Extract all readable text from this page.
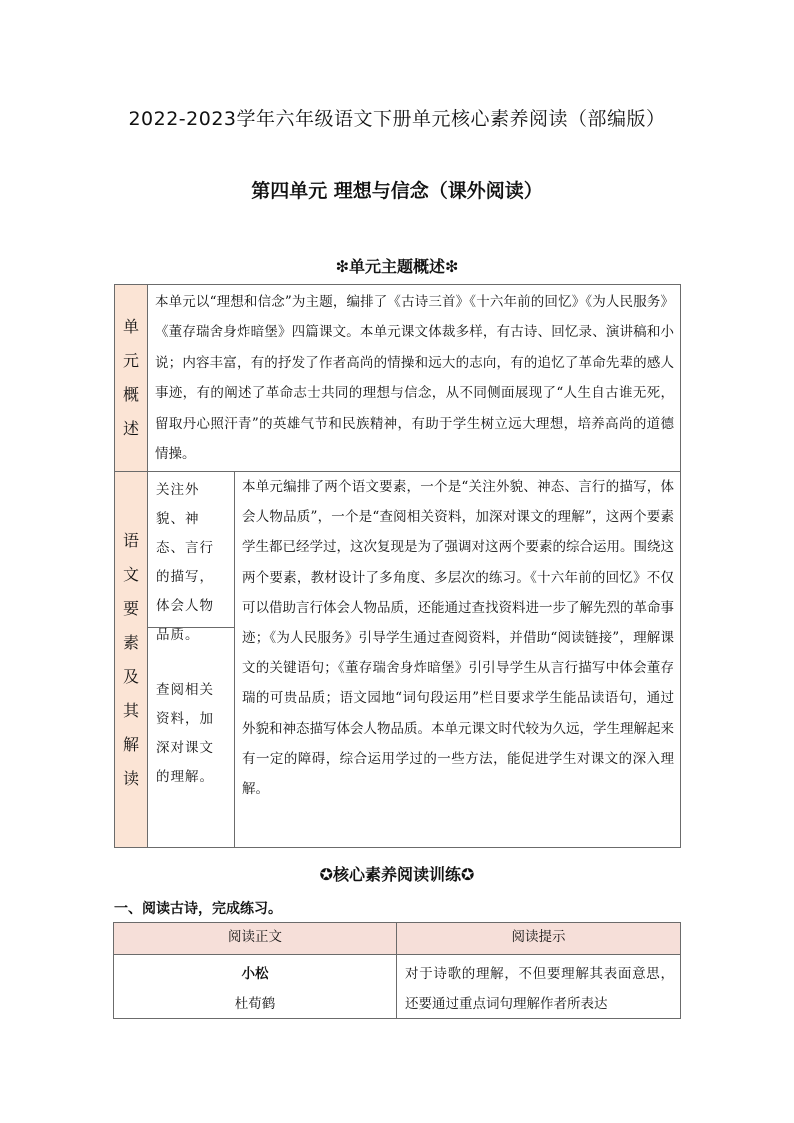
2022-2023学年六年级语文下册单元核心素养阅读（部编版）
第四单元 理想与信念（课外阅读）
❇单元主题概述❇
单
元
概
述
本单元以“理想和信念”为主题，编排了《古诗三首》《十六年前的回忆》《为人民服务》《董存瑞舍身炸暗堡》四篇课文。本单元课文体裁多样，有古诗、回忆录、演讲稿和小说；内容丰富，有的抒发了作者高尚的情操和远大的志向，有的追忆了革命先辈的感人事迹，有的阐述了革命志士共同的理想与信念，从不同侧面展现了“人生自古谁无死，留取丹心照汗青”的英雄气节和民族精神，有助于学生树立远大理想，培养高尚的道德情操。
语
文
要
素
及
其
解
读
关注外貌、神态、言行的描写，体会人物品质。
查阅相关资料，加深对课文的理解。
本单元编排了两个语文要素，一个是“关注外貌、神态、言行的描写，体会人物品质”，一个是“查阅相关资料，加深对课文的理解”，这两个要素学生都已经学过，这次复现是为了强调对这两个要素的综合运用。围绕这两个要素，教材设计了多角度、多层次的练习。《十六年前的回忆》不仅可以借助言行体会人物品质，还能通过查找资料进一步了解先烈的革命事迹；《为人民服务》引导学生通过查阅资料，并借助“阅读链接”，理解课文的关键语句；《董存瑞舍身炸暗堡》引引导学生从言行描写中体会董存瑞的可贵品质；语文园地“词句段运用”栏目要求学生能品读语句，通过外貌和神态描写体会人物品质。本单元课文时代较为久远，学生理解起来有一定的障碍，综合运用学过的一些方法，能促进学生对课文的深入理解。
✪核心素养阅读训练✪
一、阅读古诗，完成练习。
阅读正文	阅读提示
小松
杜荀鹤
对于诗歌的理解，不但要理解其表面意思，还要通过重点词句理解作者所表达
